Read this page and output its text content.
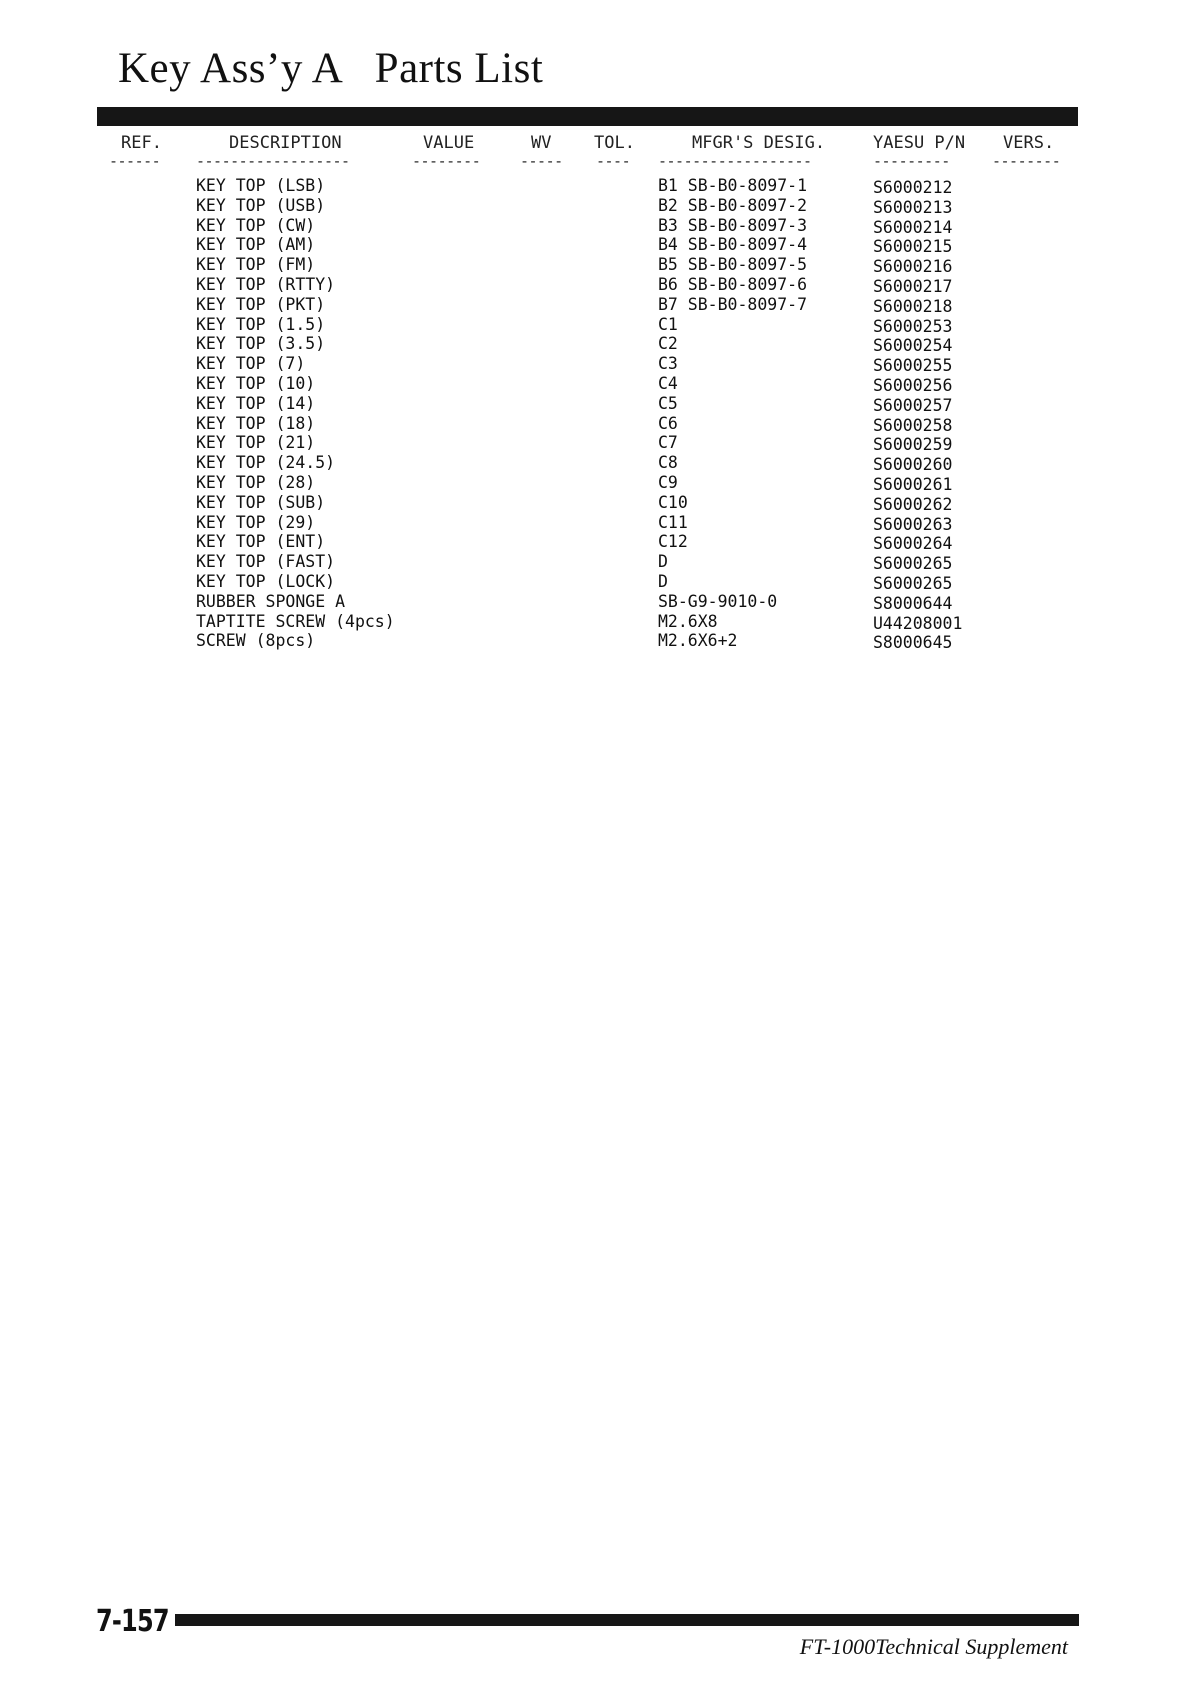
Key Ass’y A   Parts List
REF.	DESCRIPTION	VALUE	WV	TOL.	MFGR'S DESIG.	YAESU P/N VERS.
------ ------------------	--------	----- ---- ------------------	---------	--------
KEY TOP (LSB)	B1 SB-B0-8097-1	S6000212
KEY TOP (USB)	B2 SB-B0-8097-2	S6000213
KEY TOP (CW)	B3 SB-B0-8097-3	S6000214
KEY TOP (AM)	B4 SB-B0-8097-4	S6000215
KEY TOP (FM)	B5 SB-B0-8097-5	S6000216
KEY TOP (RTTY)	B6 SB-B0-8097-6	S6000217
KEY TOP (PKT)	B7 SB-B0-8097-7	S6000218
KEY TOP (1.5)	C1	S6000253
KEY TOP (3.5)	C2	S6000254
KEY TOP (7)	C3	S6000255
KEY TOP (10)	C4	S6000256
KEY TOP (14)	C5	S6000257
KEY TOP (18)	C6	S6000258
KEY TOP (21)	C7	S6000259
KEY TOP (24.5)	C8	S6000260
KEY TOP (28)	C9	S6000261
KEY TOP (SUB)	C10	S6000262
KEY TOP (29)	C11	S6000263
KEY TOP (ENT)	C12	S6000264
KEY TOP (FAST)	D	S6000265
KEY TOP (LOCK)	D	S6000265
RUBBER SPONGE A	SB-G9-9010-0	S8000644
TAPTITE SCREW (4pcs)	M2.6X8	U44208001
SCREW (8pcs)	M2.6X6+2	S8000645
7-157
FT-1000Technical Supplement
